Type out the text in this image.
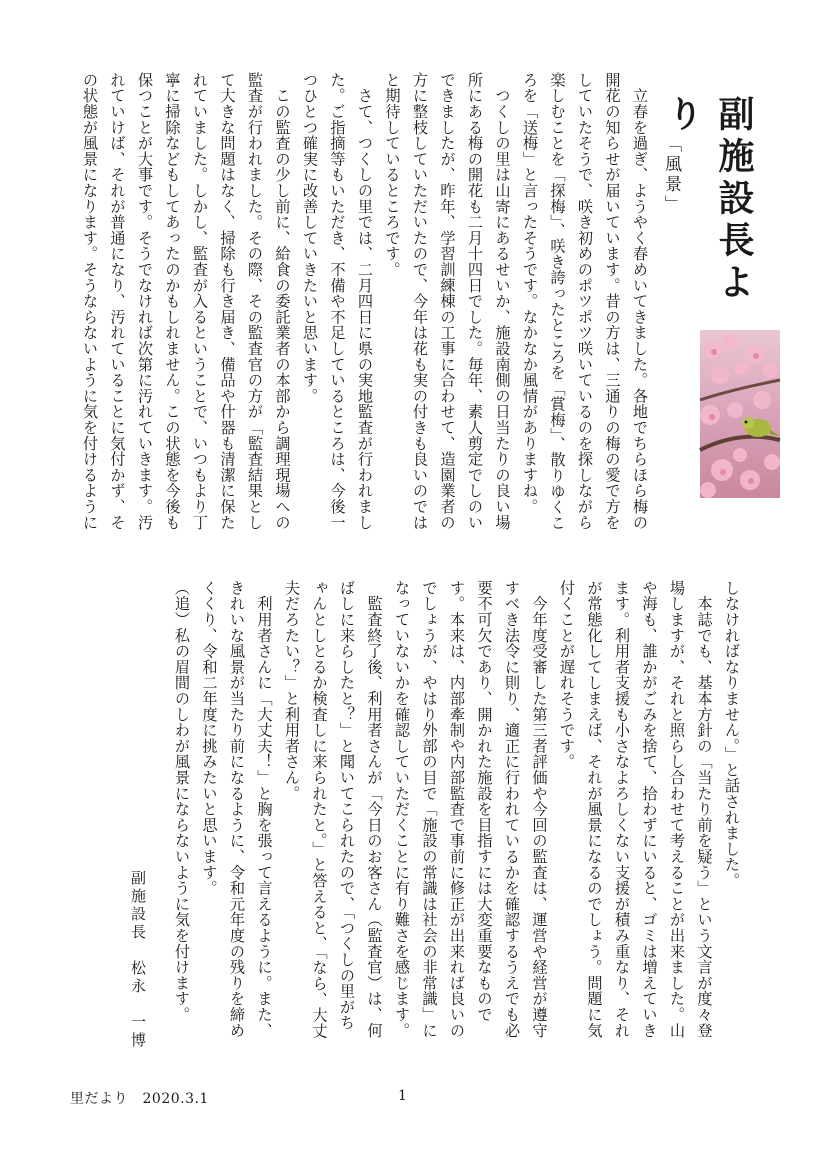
副施設長より
「風景」
　立春を過ぎ、ようやく春めいてきました。各地でちらほら梅の開花の知らせが届いています。昔の方は、三通りの梅の愛で方をしていたそうで、咲き初めのポツポツ咲いているのを探しながら楽しむことを「探梅」、咲き誇ったところを「賞梅」、散りゆくころを「送梅」と言ったそうです。なかなか風情がありますね。
　つくしの里は山寄にあるせいか、施設南側の日当たりの良い場所にある梅の開花も二月十四日でした。毎年、素人剪定でしのいできましたが、昨年、学習訓練棟の工事に合わせて、造園業者の方に整枝していただいたので、今年は花も実の付きも良いのではと期待しているところです。
　さて、つくしの里では、二月四日に県の実地監査が行われました。ご指摘等もいただき、不備や不足しているところは、今後一つひとつ確実に改善していきたいと思います。
　この監査の少し前に、給食の委託業者の本部から調理現場への監査が行われました。その際、その監査官の方が「監査結果として大きな問題はなく、掃除も行き届き、備品や什器も清潔に保たれていました。しかし、監査が入るということで、いつもより丁寧に掃除などもしてあったのかもしれません。この状態を今後も保つことが大事です。そうでなければ次第に汚れていきます。汚れていけば、それが普通になり、汚れていることに気付かず、その状態が風景になります。そうならないように気を付けるように
しなければなりません。」と話されました。
　本誌でも、基本方針の「当たり前を疑う」という文言が度々登場しますが、それと照らし合わせて考えることが出来ました。山や海も、誰かがごみを捨て、拾わずにいると、ゴミは増えていきます。利用者支援も小さなよろしくない支援が積み重なり、それが常態化してしまえば、それが風景になるのでしょう。問題に気付くことが遅れそうです。
　今年度受審した第三者評価や今回の監査は、運営や経営が遵守すべき法令に則り、適正に行われているかを確認するうえでも必要不可欠であり、開かれた施設を目指すには大変重要なものです。本来は、内部牽制や内部監査で事前に修正が出来れば良いのでしょうが、やはり外部の目で「施設の常識は社会の非常識」になっていないかを確認していただくことに有り難さを感じます。
　監査終了後、利用者さんが「今日のお客さん（監査官）は、何ばしに来らしたと？」と聞いてこられたので、「つくしの里がちゃんとしとるか検査しに来られたと。」と答えると、「なら、大丈夫だろたい？」と利用者さん。
　利用者さんに「大丈夫！」と胸を張って言えるように。また、きれいな風景が当たり前になるように、令和元年度の残りを締めくくり、令和二年度に挑みたいと思います。
（追）私の眉間のしわが風景にならないように気を付けます。
副施設長　松永　一博
里だより　2020.3.1	1
